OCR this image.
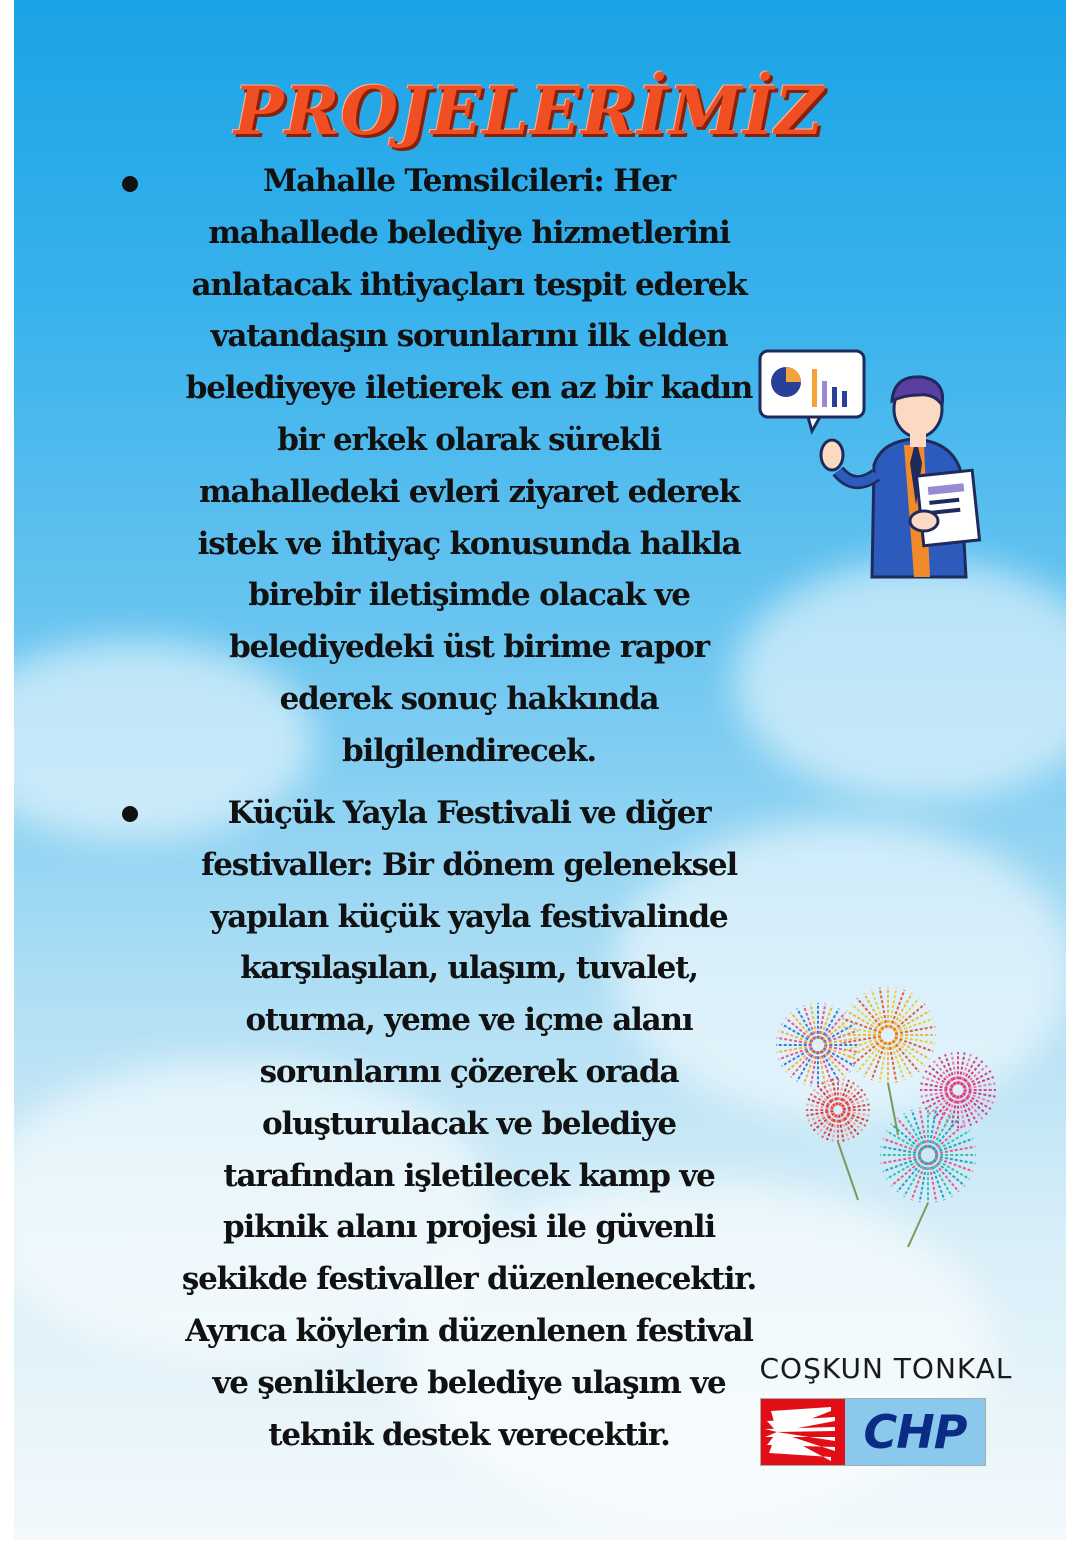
PROJELERİMİZ
Mahalle Temsilcileri: Her
mahallede belediye hizmetlerini
anlatacak ihtiyaçları tespit ederek
vatandaşın sorunlarını ilk elden
belediyeye iletierek en az bir kadın
bir erkek olarak sürekli
mahalledeki evleri ziyaret ederek
istek ve ihtiyaç konusunda halkla
birebir iletişimde olacak ve
belediyedeki üst birime rapor
ederek sonuç hakkında
bilgilendirecek.
Küçük Yayla Festivali ve diğer
festivaller: Bir dönem geleneksel
yapılan küçük yayla festivalinde
karşılaşılan, ulaşım, tuvalet,
oturma, yeme ve içme alanı
sorunlarını çözerek orada
oluşturulacak ve belediye
tarafından işletilecek kamp ve
piknik alanı projesi ile güvenli
şekikde festivaller düzenlenecektir.
Ayrıca köylerin düzenlenen festival
ve şenliklere belediye ulaşım ve
teknik destek verecektir.
COŞKUN TONKAL
CHP
